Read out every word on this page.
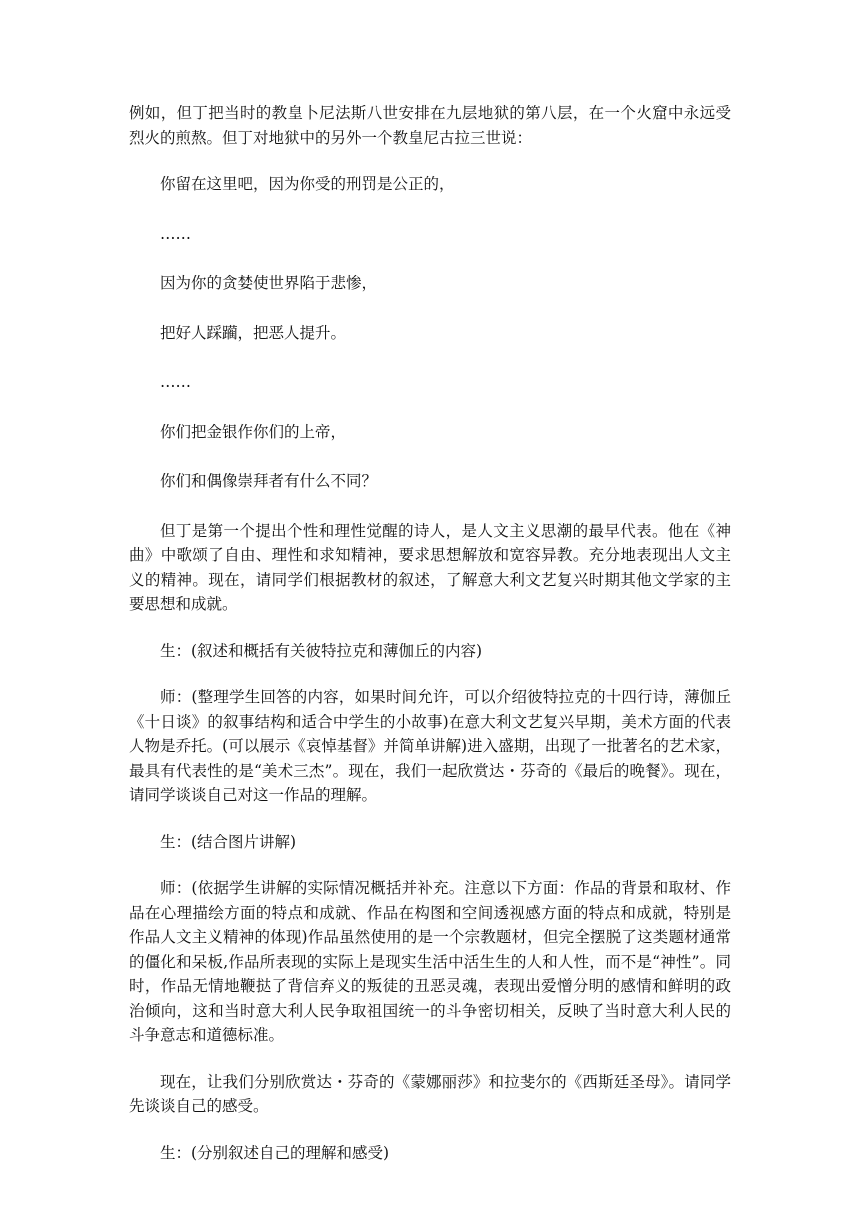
例如，但丁把当时的教皇卜尼法斯八世安排在九层地狱的第八层，在一个火窟中永远受烈火的煎熬。但丁对地狱中的另外一个教皇尼古拉三世说：

你留在这里吧，因为你受的刑罚是公正的，

……

因为你的贪婪使世界陷于悲惨，

把好人踩躏，把恶人提升。

……

你们把金银作你们的上帝，

你们和偶像崇拜者有什么不同？

但丁是第一个提出个性和理性觉醒的诗人，是人文主义思潮的最早代表。他在《神曲》中歌颂了自由、理性和求知精神，要求思想解放和宽容异教。充分地表现出人文主义的精神。现在，请同学们根据教材的叙述，了解意大利文艺复兴时期其他文学家的主要思想和成就。

生：(叙述和概括有关彼特拉克和薄伽丘的内容)

师：(整理学生回答的内容，如果时间允许，可以介绍彼特拉克的十四行诗，薄伽丘《十日谈》的叙事结构和适合中学生的小故事)在意大利文艺复兴早期，美术方面的代表人物是乔托。(可以展示《哀悼基督》并简单讲解)进入盛期，出现了一批著名的艺术家，最具有代表性的是“美术三杰”。现在，我们一起欣赏达・芬奇的《最后的晚餐》。现在，请同学谈谈自己对这一作品的理解。

生：(结合图片讲解)

师：(依据学生讲解的实际情况概括并补充。注意以下方面：作品的背景和取材、作品在心理描绘方面的特点和成就、作品在构图和空间透视感方面的特点和成就，特别是作品人文主义精神的体现)作品虽然使用的是一个宗教题材，但完全摆脱了这类题材通常的僵化和呆板,作品所表现的实际上是现实生活中活生生的人和人性，而不是“神性”。同时，作品无情地鞭挞了背信弃义的叛徒的丑恶灵魂，表现出爱憎分明的感情和鲜明的政治倾向，这和当时意大利人民争取祖国统一的斗争密切相关，反映了当时意大利人民的斗争意志和道德标准。

现在，让我们分别欣赏达・芬奇的《蒙娜丽莎》和拉斐尔的《西斯廷圣母》。请同学先谈谈自己的感受。

生：(分别叙述自己的理解和感受)
